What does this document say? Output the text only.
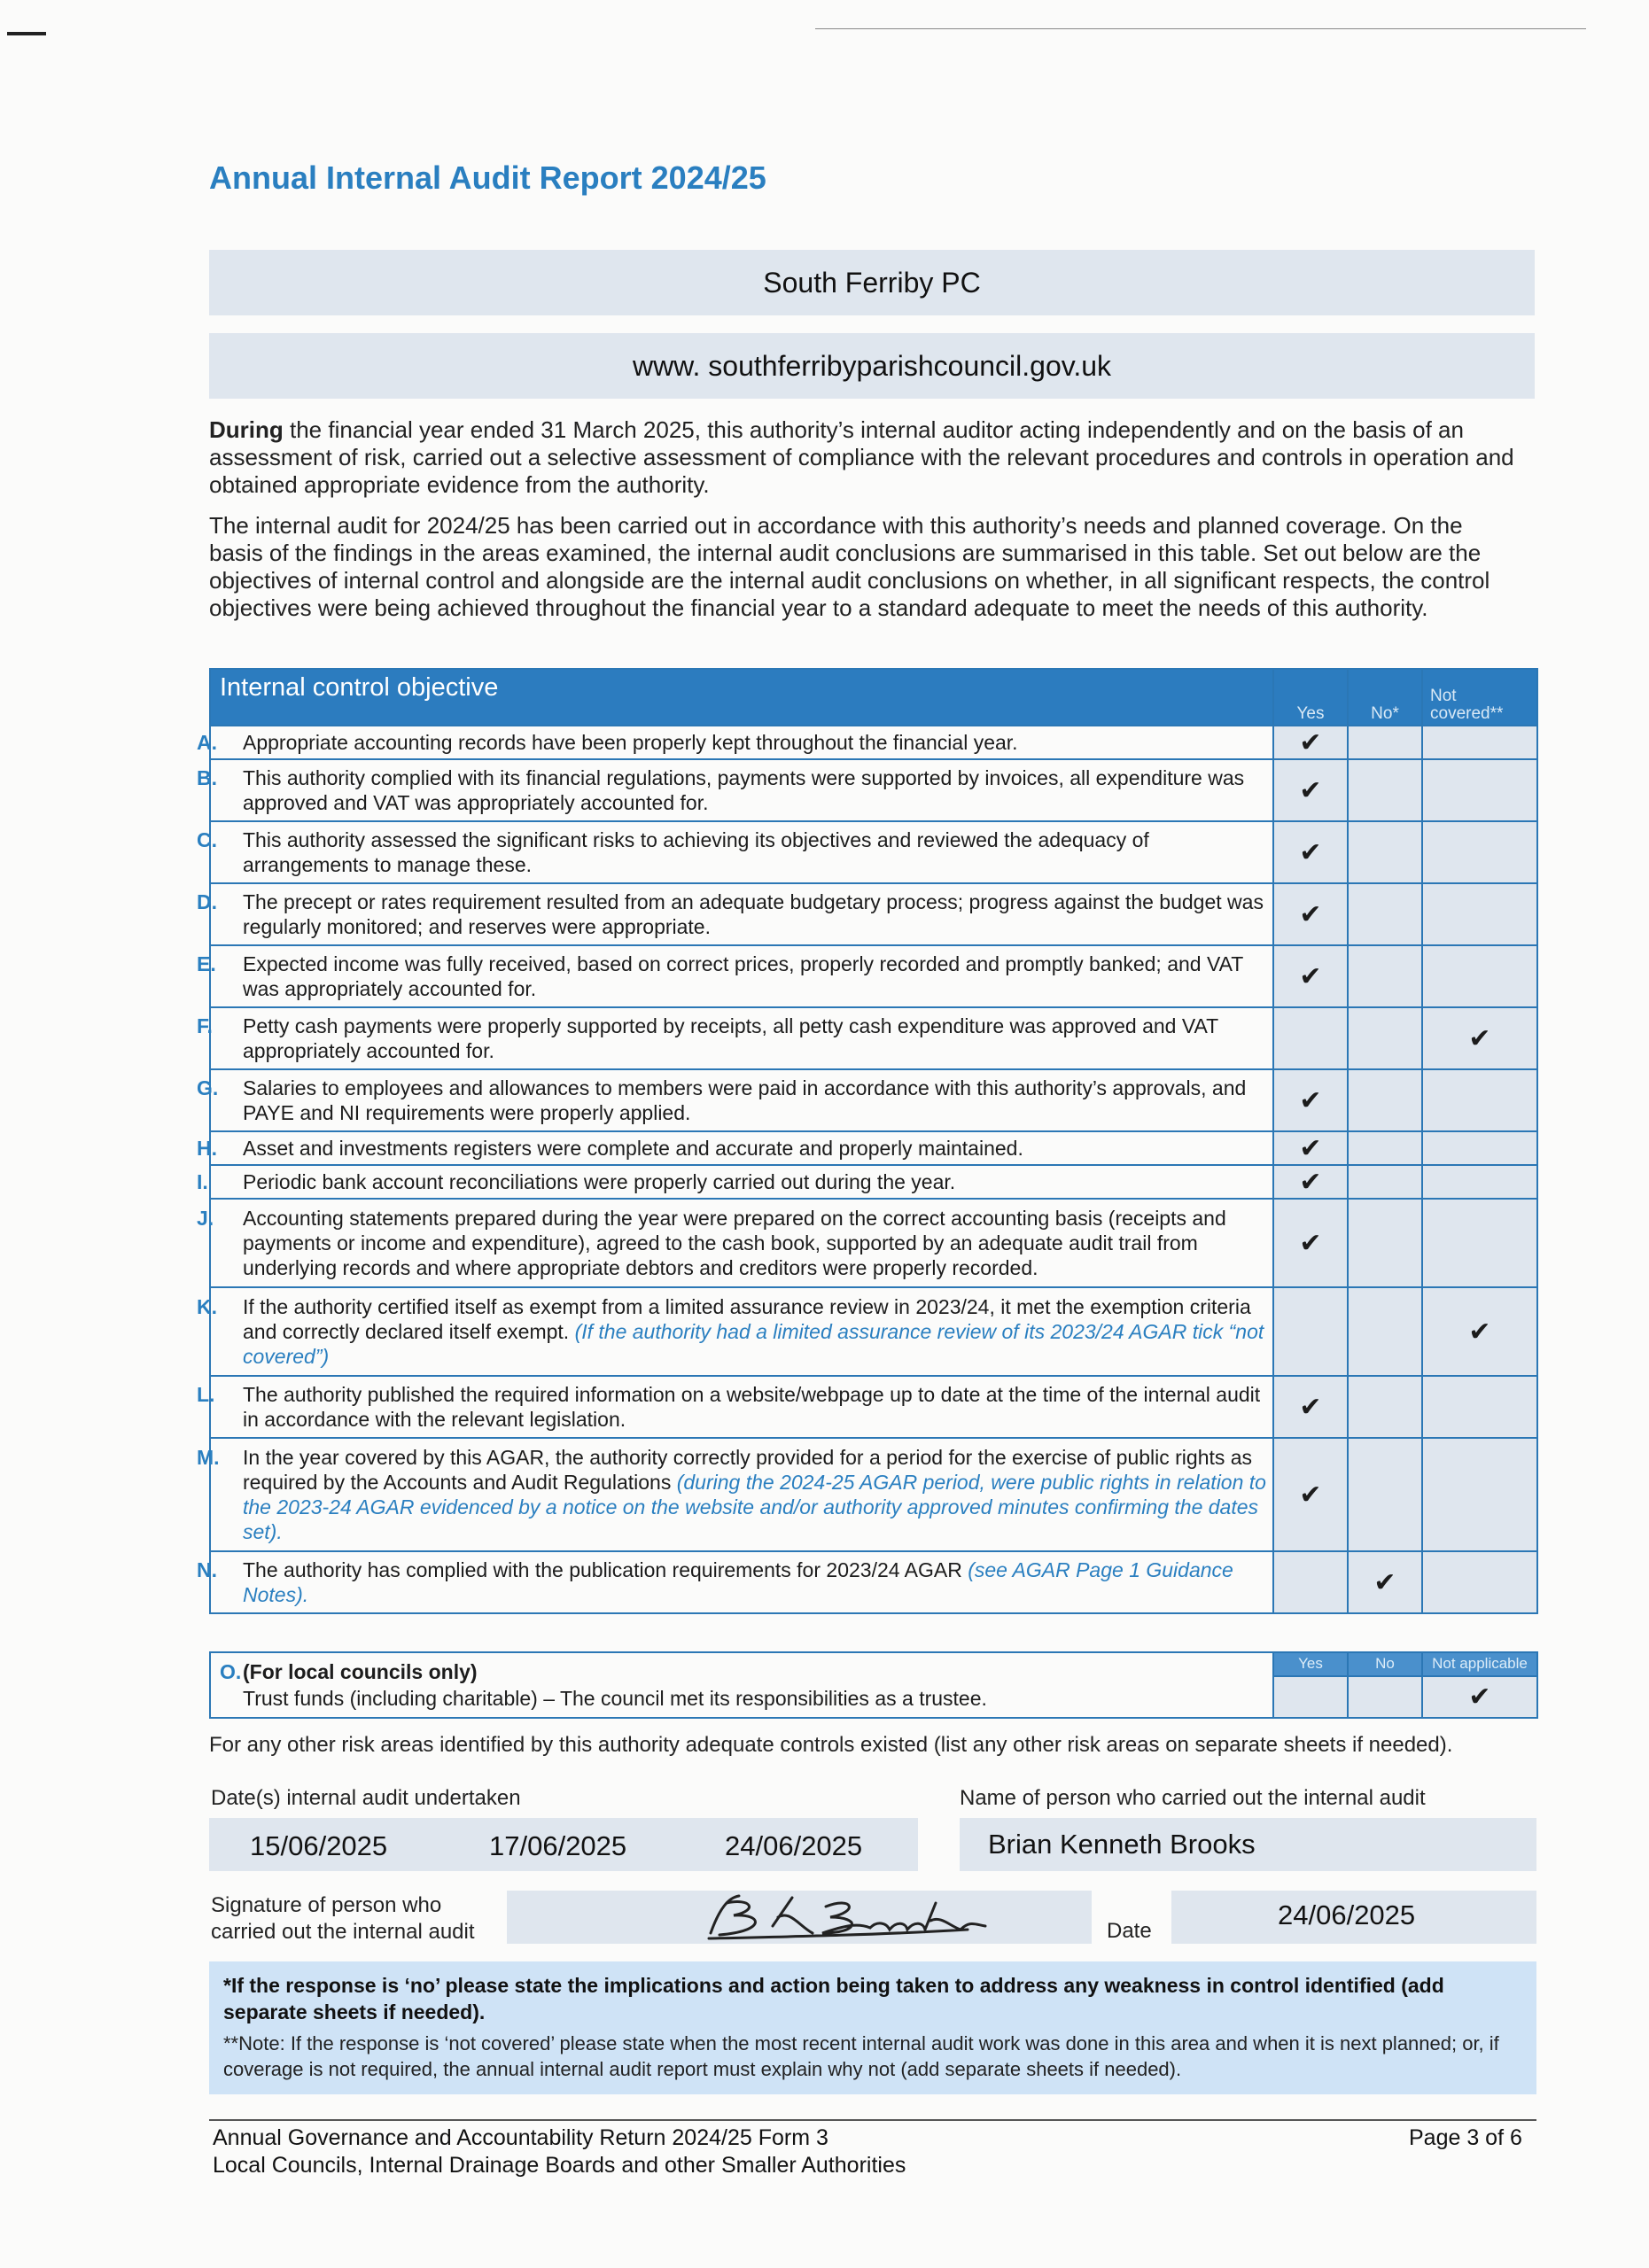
Annual Internal Audit Report 2024/25
South Ferriby PC
www. southferribyparishcouncil.gov.uk

During the financial year ended 31 March 2025, this authority’s internal auditor acting independently and on the basis of an assessment of risk, carried out a selective assessment of compliance with the relevant procedures and controls in operation and obtained appropriate evidence from the authority.

The internal audit for 2024/25 has been carried out in accordance with this authority’s needs and planned coverage. On the basis of the findings in the areas examined, the internal audit conclusions are summarised in this table. Set out below are the objectives of internal control and alongside are the internal audit conclusions on whether, in all significant respects, the control objectives were being achieved throughout the financial year to a standard adequate to meet the needs of this authority.

Internal control objective	Yes	No*	Not
covered**

A. Appropriate accounting records have been properly kept throughout the financial year.	✔		

B. This authority complied with its financial regulations, payments were supported by invoices, all expenditure was approved and VAT was appropriately accounted for.	✔		

C. This authority assessed the significant risks to achieving its objectives and reviewed the adequacy of arrangements to manage these.	✔		

D. The precept or rates requirement resulted from an adequate budgetary process; progress against the budget was regularly monitored; and reserves were appropriate.	✔		

E. Expected income was fully received, based on correct prices, properly recorded and promptly banked; and VAT was appropriately accounted for.	✔		

F. Petty cash payments were properly supported by receipts, all petty cash expenditure was approved and VAT appropriately accounted for.			✔

G. Salaries to employees and allowances to members were paid in accordance with this authority’s approvals, and PAYE and NI requirements were properly applied.	✔		

H. Asset and investments registers were complete and accurate and properly maintained.	✔		

I. Periodic bank account reconciliations were properly carried out during the year.	✔		

J. Accounting statements prepared during the year were prepared on the correct accounting basis (receipts and payments or income and expenditure), agreed to the cash book, supported by an adequate audit trail from underlying records and where appropriate debtors and creditors were properly recorded.	✔		

K. If the authority certified itself as exempt from a limited assurance review in 2023/24, it met the exemption criteria and correctly declared itself exempt. (If the authority had a limited assurance review of its 2023/24 AGAR tick “not covered”)			✔

L. The authority published the required information on a website/webpage up to date at the time of the internal audit in accordance with the relevant legislation.	✔		

M. In the year covered by this AGAR, the authority correctly provided for a period for the exercise of public rights as required by the Accounts and Audit Regulations (during the 2024-25 AGAR period, were public rights in relation to the 2023-24 AGAR evidenced by a notice on the website and/or authority approved minutes confirming the dates set).	✔		

N. The authority has complied with the publication requirements for 2023/24 AGAR (see AGAR Page 1 Guidance Notes).		✔	
O.(For local councils only)
Trust funds (including charitable) – The council met its responsibilities as a trustee.	Yes	No	Not applicable
			✔
For any other risk areas identified by this authority adequate controls existed (list any other risk areas on separate sheets if needed).
Date(s) internal audit undertaken	Name of person who carried out the internal audit
15/06/2025	17/06/2025	24/06/2025	Brian Kenneth Brooks
Signature of person who
carried out the internal audit	Date
24/06/2025

*If the response is ‘no’ please state the implications and action being taken to address any weakness in control identified (add separate sheets if needed).

**Note: If the response is ‘not covered’ please state when the most recent internal audit work was done in this area and when it is next planned; or, if coverage is not required, the annual internal audit report must explain why not (add separate sheets if needed).

Annual Governance and Accountability Return 2024/25 Form 3
Local Councils, Internal Drainage Boards and other Smaller Authorities
Page 3 of 6
